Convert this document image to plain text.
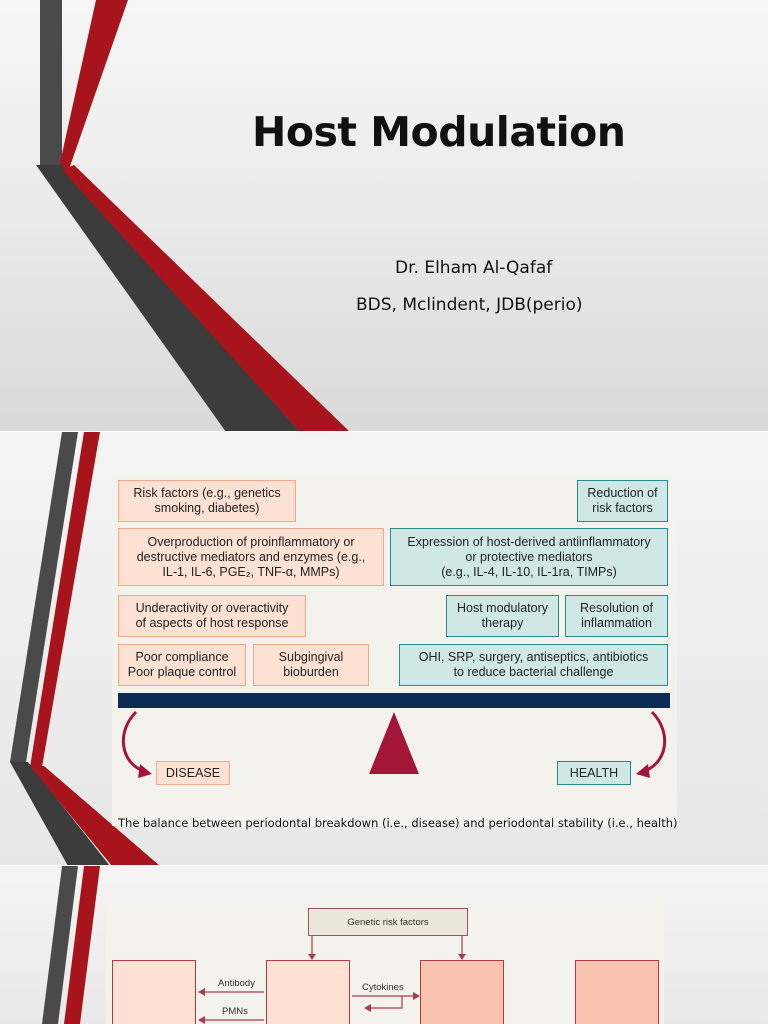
Host Modulation
Dr. Elham Al-Qafaf
BDS, Mclindent, JDB(perio)
Risk factors (e.g., genetics
smoking, diabetes)
Overproduction of proinflammatory or
destructive mediators and enzymes (e.g.,
IL-1, IL-6, PGE₂, TNF-α, MMPs)
Underactivity or overactivity
of aspects of host response
Poor compliance
Poor plaque control
Subgingival
bioburden
Reduction of
risk factors
Expression of host-derived antiinflammatory
or protective mediators
(e.g., IL-4, IL-10, IL-1ra, TIMPs)
Host modulatory
therapy
Resolution of
inflammation
OHI, SRP, surgery, antiseptics, antibiotics
to reduce bacterial challenge
DISEASE	HEALTH
The balance between periodontal breakdown (i.e., disease) and periodontal stability (i.e., health)
Genetic risk factors
Antibody
PMNs
Cytokines
